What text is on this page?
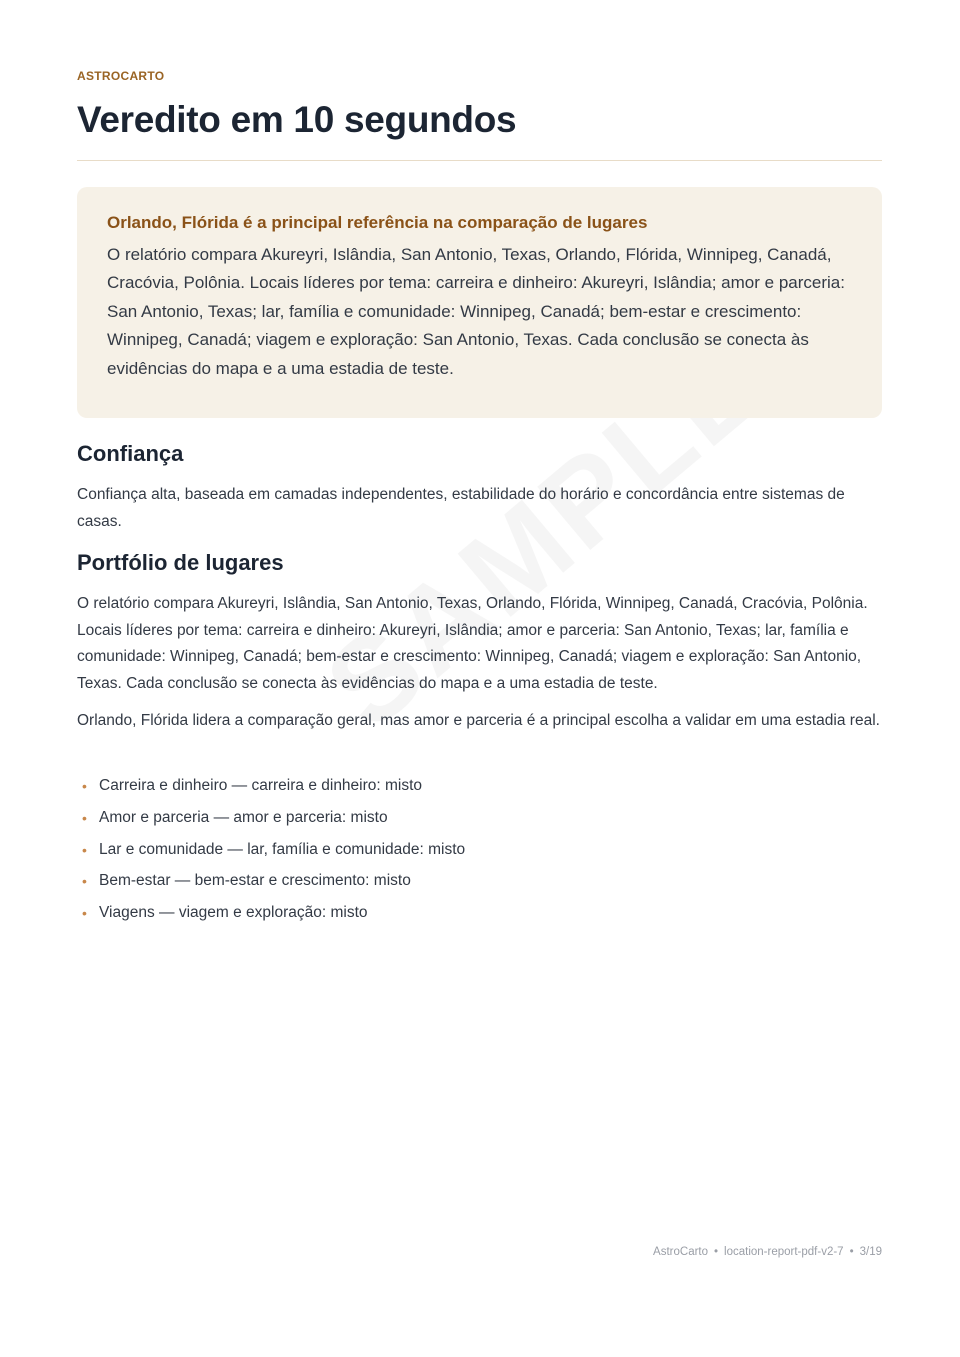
ASTROCARTO
Veredito em 10 segundos

Orlando, Flórida é a principal referência na comparação de lugares

O relatório compara Akureyri, Islândia, San Antonio, Texas, Orlando, Flórida, Winnipeg, Canadá, Cracóvia, Polônia. Locais líderes por tema: carreira e dinheiro: Akureyri, Islândia; amor e parceria: San Antonio, Texas; lar, família e comunidade: Winnipeg, Canadá; bem-estar e crescimento: Winnipeg, Canadá; viagem e exploração: San Antonio, Texas. Cada conclusão se conecta às evidências do mapa e a uma estadia de teste.

Confiança

Confiança alta, baseada em camadas independentes, estabilidade do horário e concordância entre sistemas de casas.

Portfólio de lugares

O relatório compara Akureyri, Islândia, San Antonio, Texas, Orlando, Flórida, Winnipeg, Canadá, Cracóvia, Polônia. Locais líderes por tema: carreira e dinheiro: Akureyri, Islândia; amor e parceria: San Antonio, Texas; lar, família e comunidade: Winnipeg, Canadá; bem-estar e crescimento: Winnipeg, Canadá; viagem e exploração: San Antonio, Texas. Cada conclusão se conecta às evidências do mapa e a uma estadia de teste.

Orlando, Flórida lidera a comparação geral, mas amor e parceria é a principal escolha a validar em uma estadia real.

• Carreira e dinheiro — carreira e dinheiro: misto
• Amor e parceria — amor e parceria: misto
• Lar e comunidade — lar, família e comunidade: misto
• Bem-estar — bem-estar e crescimento: misto
• Viagens — viagem e exploração: misto
AstroCarto • location-report-pdf-v2-7 • 3/19
